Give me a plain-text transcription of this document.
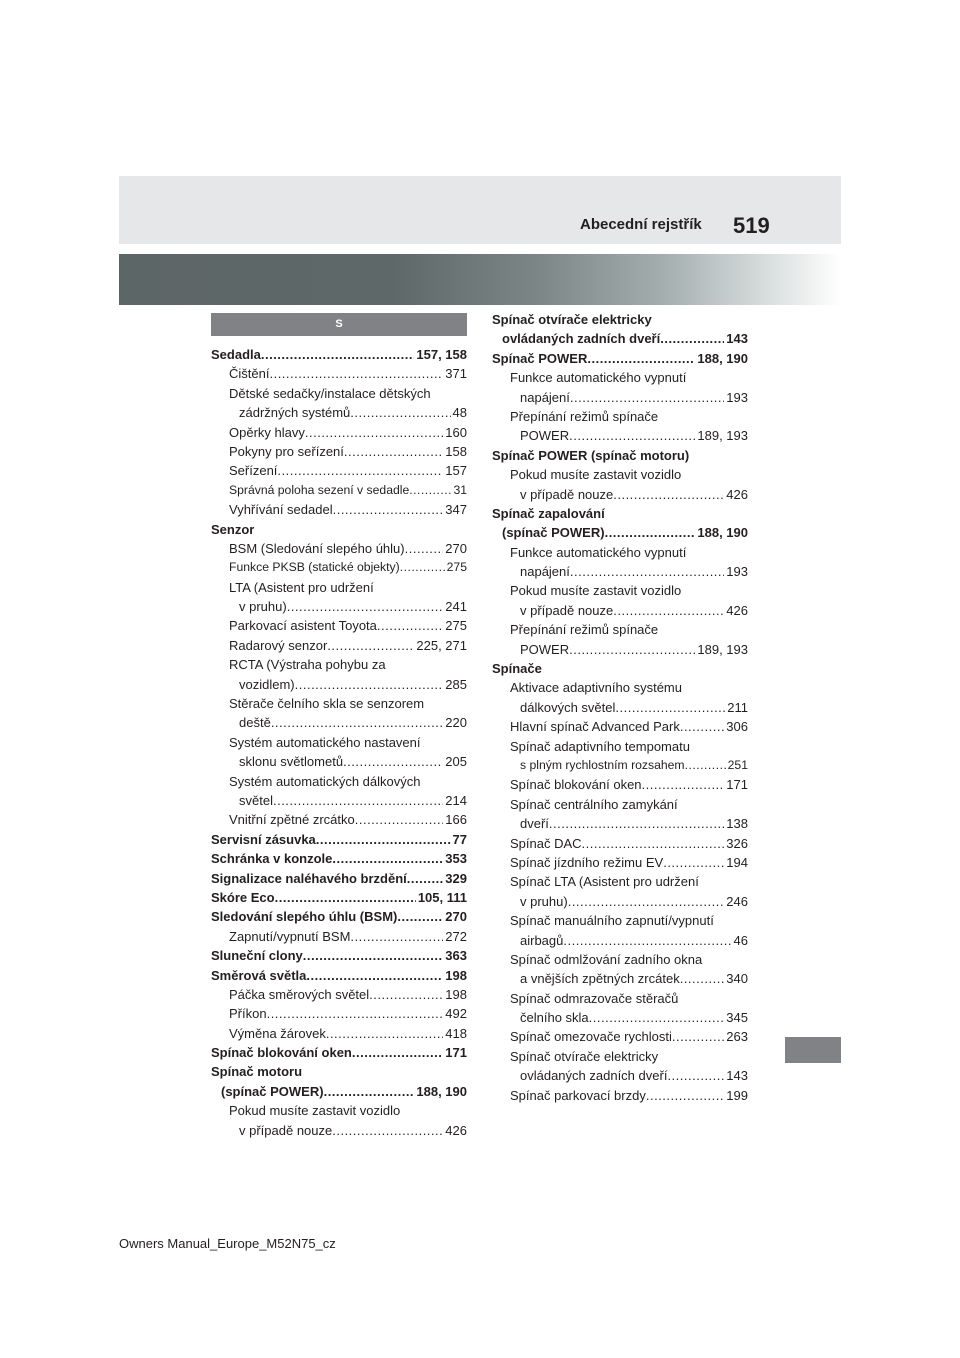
Abecední rejstřík 519
S
Sedadla .....	157, 158
Čištění .....	371
Dětské sedačky/instalace dětských
zádržných systémů .....	48
Opěrky hlavy .....	160
Pokyny pro seřízení .....	158
Seřízení .....	157
Správná poloha sezení v sedadle .....	31
Vyhřívání sedadel .....	347
Senzor
BSM (Sledování slepého úhlu) .....	270
Funkce PKSB (statické objekty) .....	275
LTA (Asistent pro udržení
v pruhu) .....	241
Parkovací asistent Toyota .....	275
Radarový senzor .....	225, 271
RCTA (Výstraha pohybu za
vozidlem) .....	285
Stěrače čelního skla se senzorem
deště .....	220
Systém automatického nastavení
sklonu světlometů .....	205
Systém automatických dálkových
světel .....	214
Vnitřní zpětné zrcátko .....	166
Servisní zásuvka .....	77
Schránka v konzole .....	353
Signalizace naléhavého brzdění .....	329
Skóre Eco .....	105, 111
Sledování slepého úhlu (BSM) .....	270
Zapnutí/vypnutí BSM .....	272
Sluneční clony .....	363
Směrová světla .....	198
Páčka směrových světel .....	198
Příkon .....	492
Výměna žárovek .....	418
Spínač blokování oken .....	171
Spínač motoru
(spínač POWER) .....	188, 190
Pokud musíte zastavit vozidlo
v případě nouze .....	426
Spínač otvírače elektricky
ovládaných zadních dveří .....	143
Spínač POWER .....	188, 190
Funkce automatického vypnutí
napájení .....	193
Přepínání režimů spínače
POWER .....	189, 193
Spínač POWER (spínač motoru)
Pokud musíte zastavit vozidlo
v případě nouze .....	426
Spínač zapalování
(spínač POWER) .....	188, 190
Funkce automatického vypnutí
napájení .....	193
Pokud musíte zastavit vozidlo
v případě nouze .....	426
Přepínání režimů spínače
POWER .....	189, 193
Spínače
Aktivace adaptivního systému
dálkových světel .....	211
Hlavní spínač Advanced Park .....	306
Spínač adaptivního tempomatu
s plným rychlostním rozsahem .....	251
Spínač blokování oken .....	171
Spínač centrálního zamykání
dveří .....	138
Spínač DAC .....	326
Spínač jízdního režimu EV .....	194
Spínač LTA (Asistent pro udržení
v pruhu) .....	246
Spínač manuálního zapnutí/vypnutí
airbagů .....	46
Spínač odmlžování zadního okna
a vnějších zpětných zrcátek .....	340
Spínač odmrazovače stěračů
čelního skla .....	345
Spínač omezovače rychlosti .....	263
Spínač otvírače elektricky
ovládaných zadních dveří .....	143
Spínač parkovací brzdy .....	199
Owners Manual_Europe_M52N75_cz
